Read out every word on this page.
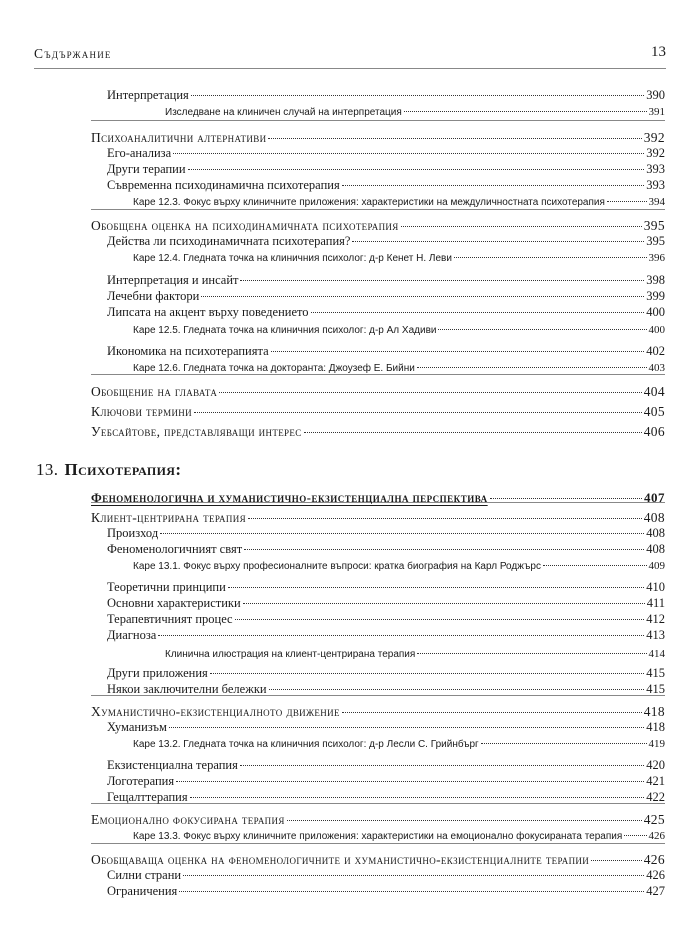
Съдържание	13
13. Психотерапия:
Интерпретация	390
Изследване на клиничен случай на интерпретация	391
Психоаналитични алтернативи	392
Его-анализа	392
Други терапии	393
Съвременна психодинамична психотерапия	393
Каре 12.3. Фокус върху клиничните приложения: характеристики на междуличностната психотерапия	394
Обобщена оценка на психодинамичната психотерапия	395
Действа ли психодинамичната психотерапия?	395
Каре 12.4. Гледната точка на клиничния психолог: д-р Кенет Н. Леви	396
Интерпретация и инсайт	398
Лечебни фактори	399
Липсата на акцент върху поведението	400
Каре 12.5. Гледната точка на клиничния психолог: д-р Ал Хадиви	400
Икономика на психотерапията	402
Каре 12.6. Гледната точка на докторанта: Джоузеф Е. Бийни	403
Обобщение на главата	404
Ключови термини	405
Уебсайтове, представляващи интерес	406
Феноменологична и хуманистично-екзистенциална перспектива	407
Клиент-центрирана терапия	408
Произход	408
Феноменологичният свят	408
Каре 13.1. Фокус върху професионалните въпроси: кратка биография на Карл Роджърс	409
Теоретични принципи	410
Основни характеристики	411
Терапевтичният процес	412
Диагноза	413
Клинична илюстрация на клиент-центрирана терапия	414
Други приложения	415
Някои заключителни бележки	415
Хуманистично-екзистенциалното движение	418
Хуманизъм	418
Каре 13.2. Гледната точка на клиничния психолог: д-р Лесли С. Грийнбърг	419
Екзистенциална терапия	420
Логотерапия	421
Гещалттерапия	422
Емоционално фокусирана терапия	425
Каре 13.3. Фокус върху клиничните приложения: характеристики на емоционално фокусираната терапия 426
Обобщаваща оценка на феноменологичните и хуманистично-екзистенциалните терапии	426
Силни страни	426
Ограничения	427
